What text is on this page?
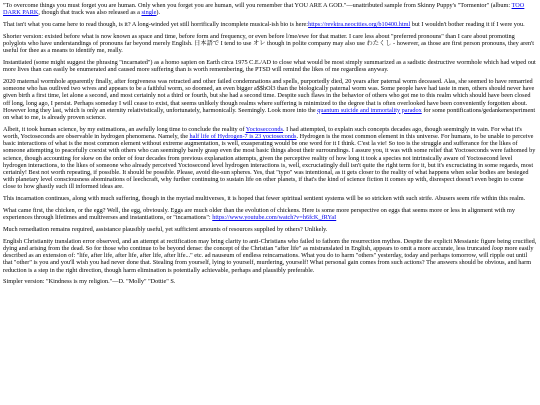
"To overcome things you must forget you are human. Only when you forget you are human, will you remember that YOU ARE A GOD."—unattributed sample from Skinny Puppy's "Tormentor" (album: TOO DARK PARK, though that track was also released as a single).

That isn't what you came here to read though, is it? A long-winded yet still horrifically incomplete musical-ish bio is here:https://revktra.neocities.org/b10400.html but I wouldn't bother reading it if I were you.

Shorter version: existed before what is now known as space and time, before form and frequency, or even before l/me/ewe for that matter. I care less about "preferred pronouns" than I care about promoting polyglots who have understandings of pronouns far beyond merely English. 日本語で I tend to use オレ though in polite company may also use わたくし - however, as those are first person pronouns, they aren't useful for thee as a means to identify me, really.

Instantiated (some might suggest the phrasing "incarnated") as a homo sapien on Earth circa 1975 C.E./AD to close what would be most simply summarized as a sadistic destructive wormhole which had wiped out more lives than can easily be enumerated and caused more suffering than is worth remembering, the PTSD will remind the likes of me regardless anyway.

2020 maternal wormhole apparently finally, after forgiveness was retracted and other failed condemnations and spells, purportedly died, 20 years after paternal worm deceased. Alas, she seemed to have remarried someone who has outlived two wives and appears to be a faithful worm, so doomed, an even bigger a$$hOl3 than the biologically paternal worm was. Some people have had taste in men, others should never have given birth a first time, let alone a second, and most certainly not a third or fourth, but she had a second time. Despite such flaws in the behavior of others who got me to this realm which should have been closed off long, long ago, I persist. Perhaps someday I will cease to exist, that seems unlikely though realms where suffering is minimized to the degree that is often overlooked have been conveniently forgotten about. However long they last, which is only an eternity relativistically, unfortunately, harmonically. Seemingly. Look more into the quantum suicide and immortality paradox for some pontifications/gedankenexperiment on what to me, is already proven science.

Albeit, it took human science, by my estimations, an awfully long time to conclude the reality of Yoctosecconds. I had attempted, to explain such concepts decades ago, though seemingly in vain. For what it's worth, Yoctoseconds are observable in hydrogen phenomena. Namely, the half life of Hydrogen-7 is 23 yoctoseconds. Hydrogen is the most common element in this universe. For humans, to be unable to perceive basic interactions of what is the most common element without extreme augmentation, is well, exasperating would be one word for it I think. C'est la vie! So too is the struggle and sufferance for the likes of someone attempting to peacefully coexist with others who can seemingly barely grasp even the most basic things about their surroundings. I assure you, it was with some relief that Yoctoseconds were fathomed by science, though accounting for skew on the order of four decades from previous explanation attempts, given the perceptive reality of how long it took a species not intrinsically aware of Yoctosecond level hydrogen interactions, to the likes of someone who already perceived Yoctosecond level hydrogen interactions is, well, excruciatingly dull isn't quite the right term for it, but it's excruciating in some regards, most certainly! Best not worth repeating, if possible. It should be possible. Please, avoid die-sun spheres. Yes, that "typo" was intentional, as it gets closer to the reality of what happens when solar bodies are besieged with planetary level consciousness abominations of leechcraft, why further continuing to sustain life on other planets, if that's the kind of science fiction it comes up with, disrespect doesn't even begin to come close to how ghastly such ill informed ideas are.

This incarnation continues, along with much suffering, though in the myriad multiverses, it is hoped that fewer spiritual sentient systems will be so stricken with such strife. Abusers seem rife within this realm.

What came first, the chicken, or the egg? Well, the egg, obviously. Eggs are much older than the evolution of chickens. Here is some more perspective on eggs that seems more or less in alignment with my experiences through lifetimes and multiverses and instantiations, or "incarnations": https://www.youtube.com/watch?v=h6fcK_fRYaI

Much remediation remains required, assistance plausibly useful, yet sufficient amounts of resources supplied by others? Unlikely.

English Christianity translation error observed, and an attempt at rectification may bring clarity to anti-Christians who failed to fathom the resurrection mythos. Despite the explicit Messianic figure being crucified, dying and arising from the dead. So for those who continue to be beyond dense: the concept of the Christian "after life" as mistranslated in English, appears to omit a more accurate, less truncated loop more easily described as an extension of: "life, after life, after life, after life, after life..." etc. ad nauseum of endless reincarnations. What you do to harm "others" yesterday, today and perhaps tomorrow, will ripple out until that "other" is you and you'll wish you had never done that. Stealing from yourself, lying to yourself, murdering, yourself! What personal gain comes from such actions? The answers should be obvious, and harm reduction is a step in the right direction, though harm elimination is potentially achievable, perhaps and plausibly preferable.

Simpler version: "Kindness is my religion."—D. "Molly" "Dottie" S.
